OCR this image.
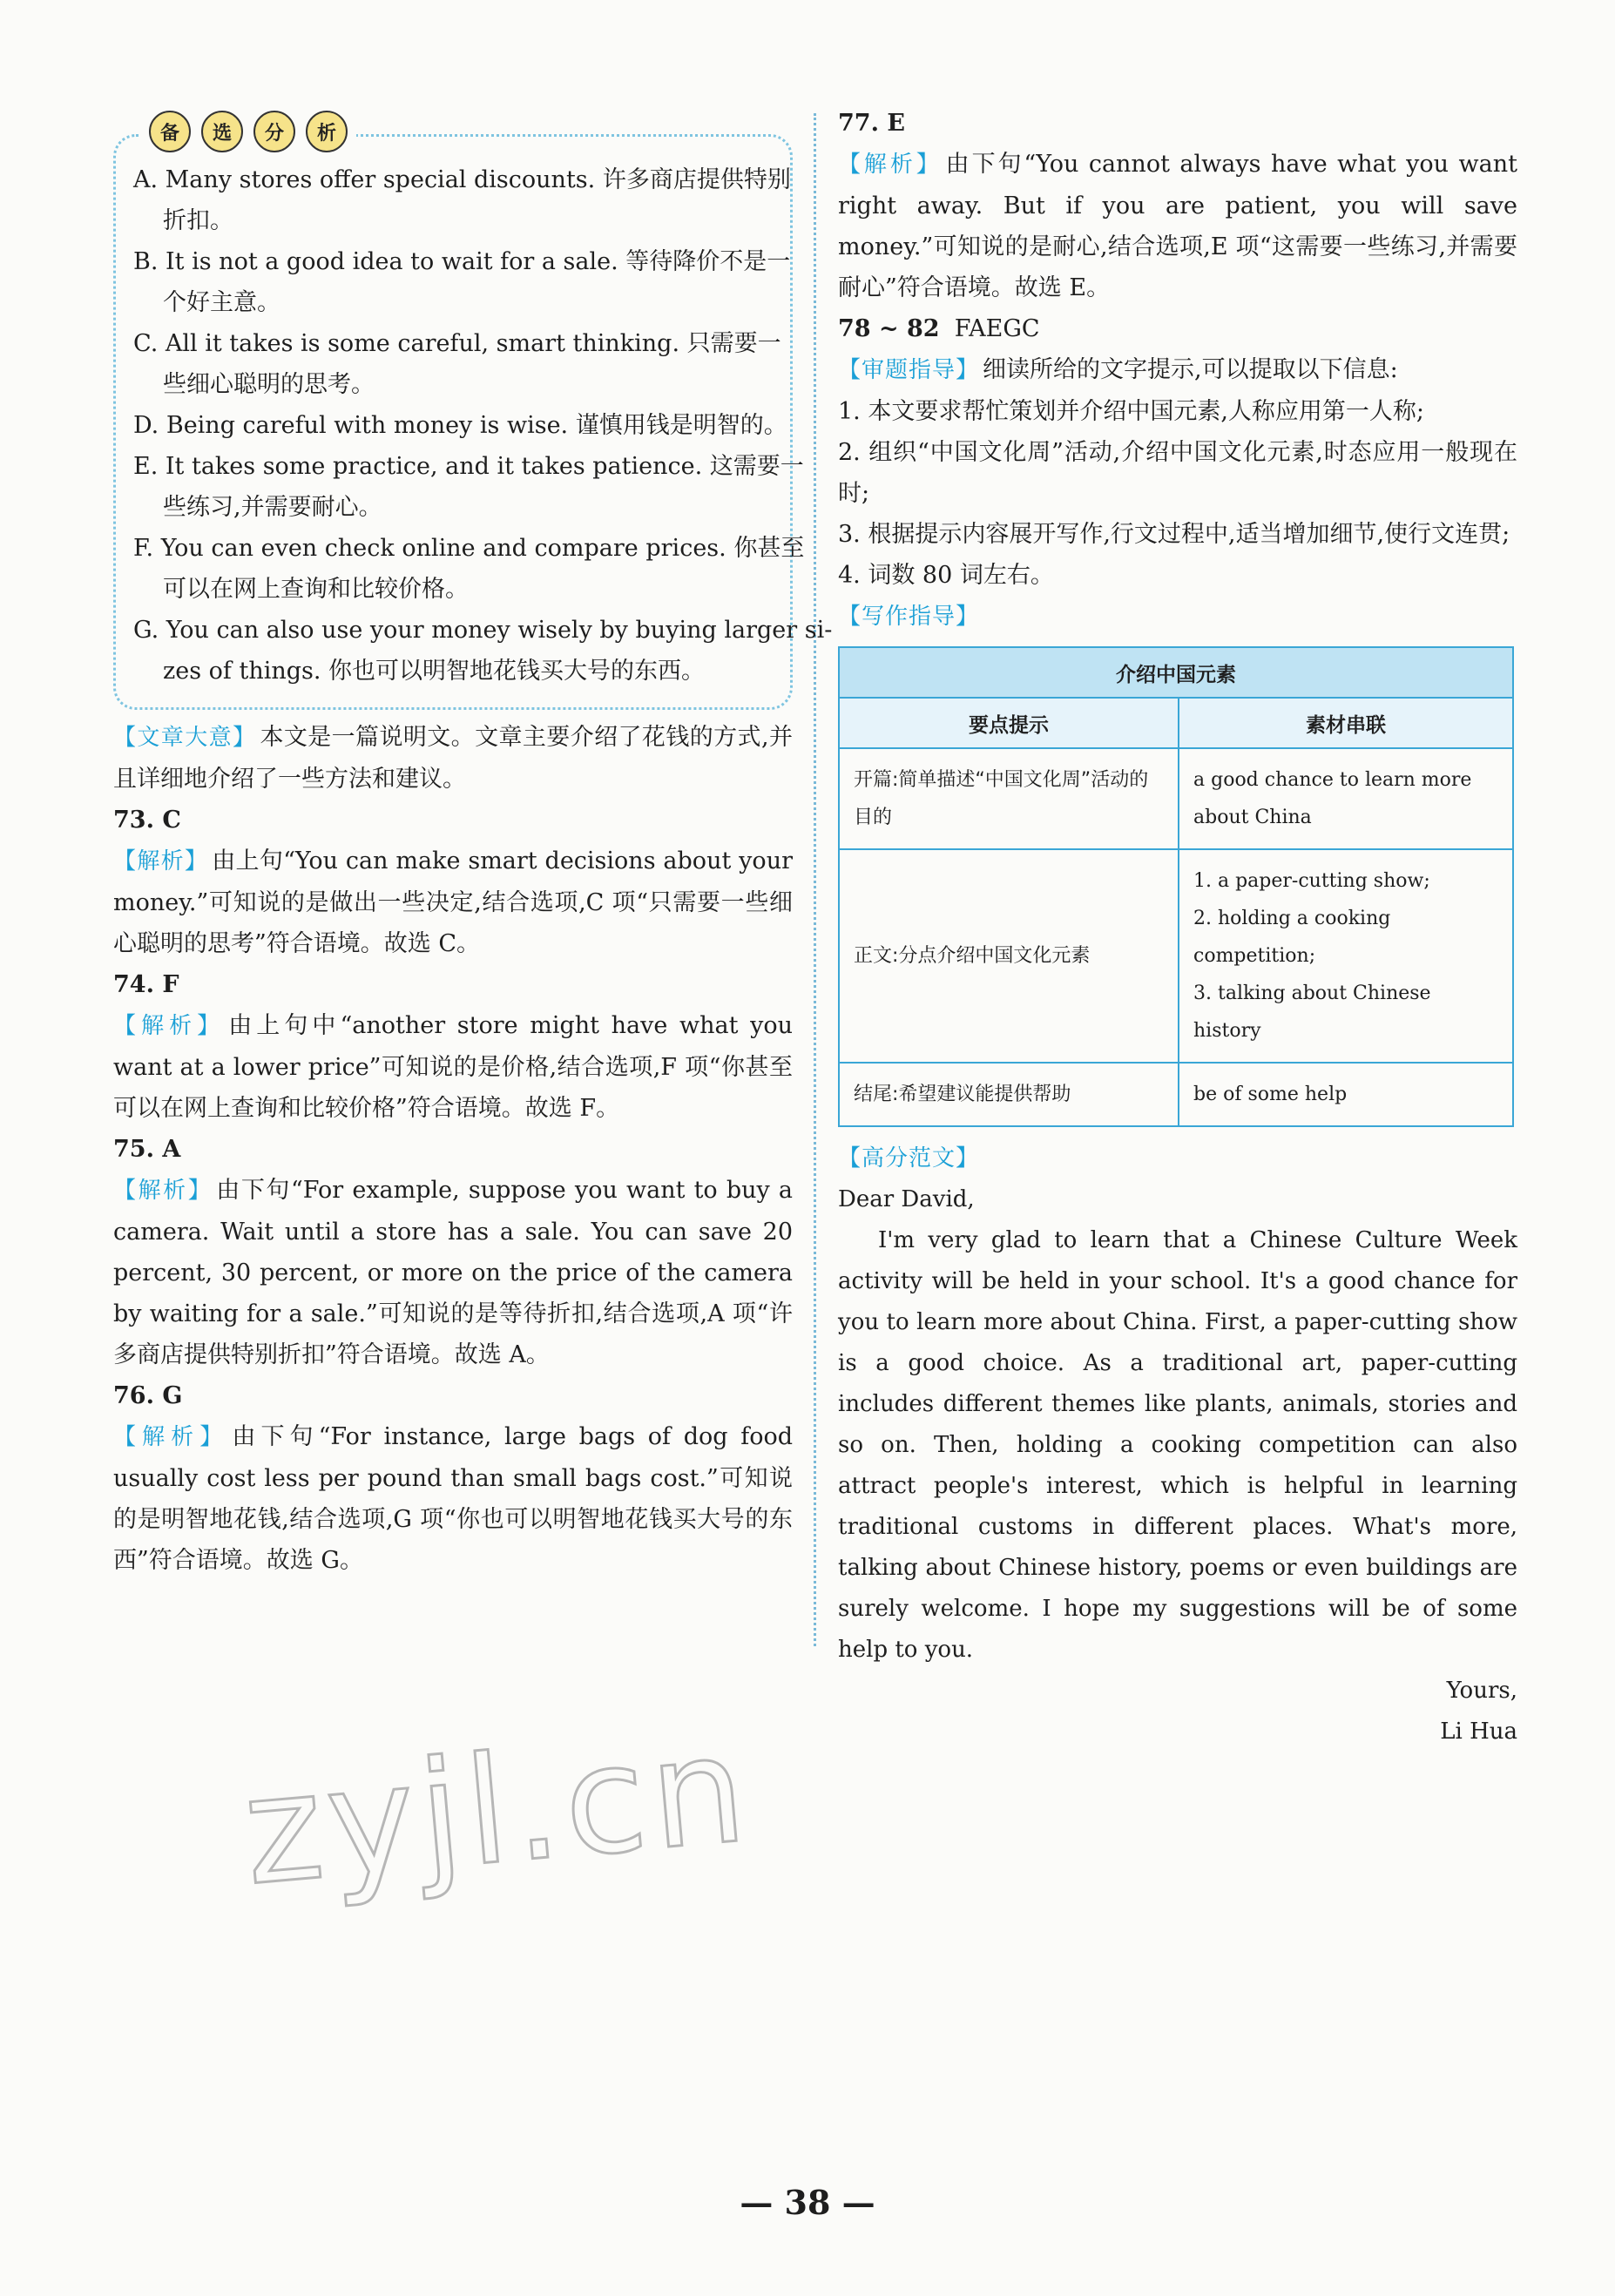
备	选	分	析

A. Many stores offer special discounts. 许多商店提供特别

折扣。

B. It is not a good idea to wait for a sale. 等待降价不是一

个好主意。

C. All it takes is some careful, smart thinking. 只需要一

些细心聪明的思考。

D. Being careful with money is wise. 谨慎用钱是明智的。

E. It takes some practice, and it takes patience. 这需要一

些练习,并需要耐心。

F. You can even check online and compare prices. 你甚至

可以在网上查询和比较价格。

G. You can also use your money wisely by buying larger si-

zes of things. 你也可以明智地花钱买大号的东西。

【文章大意】 本文是一篇说明文。文章主要介绍了花钱的方式,并且详细地介绍了一些方法和建议。

73. C

【解析】 由上句“You can make smart decisions about your money.”可知说的是做出一些决定,结合选项,C 项“只需要一些细心聪明的思考”符合语境。故选 C。

74. F

【解析】 由上句中“another store might have what you want at a lower price”可知说的是价格,结合选项,F 项“你甚至可以在网上查询和比较价格”符合语境。故选 F。

75. A

【解析】 由下句“For example, suppose you want to buy a camera. Wait until a store has a sale. You can save 20 percent, 30 percent, or more on the price of the camera by waiting for a sale.”可知说的是等待折扣,结合选项,A 项“许多商店提供特别折扣”符合语境。故选 A。

76. G

【解析】 由下句“For instance, large bags of dog food usually cost less per pound than small bags cost.”可知说的是明智地花钱,结合选项,G 项“你也可以明智地花钱买大号的东西”符合语境。故选 G。

77. E

【解析】 由下句“You cannot always have what you want right away. But if you are patient, you will save money.”可知说的是耐心,结合选项,E 项“这需要一些练习,并需要耐心”符合语境。故选 E。

78 ~ 82 FAEGC

【审题指导】 细读所给的文字提示,可以提取以下信息:

1. 本文要求帮忙策划并介绍中国元素,人称应用第一人称;

2. 组织“中国文化周”活动,介绍中国文化元素,时态应用一般现在时;

3. 根据提示内容展开写作,行文过程中,适当增加细节,使行文连贯;

4. 词数 80 词左右。

【写作指导】

介绍中国元素	
要点提示	素材串联
开篇:简单描述“中国文化周”活动的目的	a good chance to learn more
about China

正文:分点介绍中国文化元素	1. a paper-cutting show;
2. holding a cooking competition;
3. talking about Chinese history

结尾:希望建议能提供帮助	be of some help

【高分范文】

Dear David,

I'm very glad to learn that a Chinese Culture Week activity will be held in your school. It's a good chance for you to learn more about China. First, a paper-cutting show is a good choice. As a traditional art, paper-cutting includes different themes like plants, animals, stories and so on. Then, holding a cooking competition can also attract people's interest, which is helpful in learning traditional customs in different places. What's more, talking about Chinese history, poems or even buildings are surely welcome. I hope my suggestions will be of some help to you.

Yours,

Li Hua

zyjl.cn
— 38 —
